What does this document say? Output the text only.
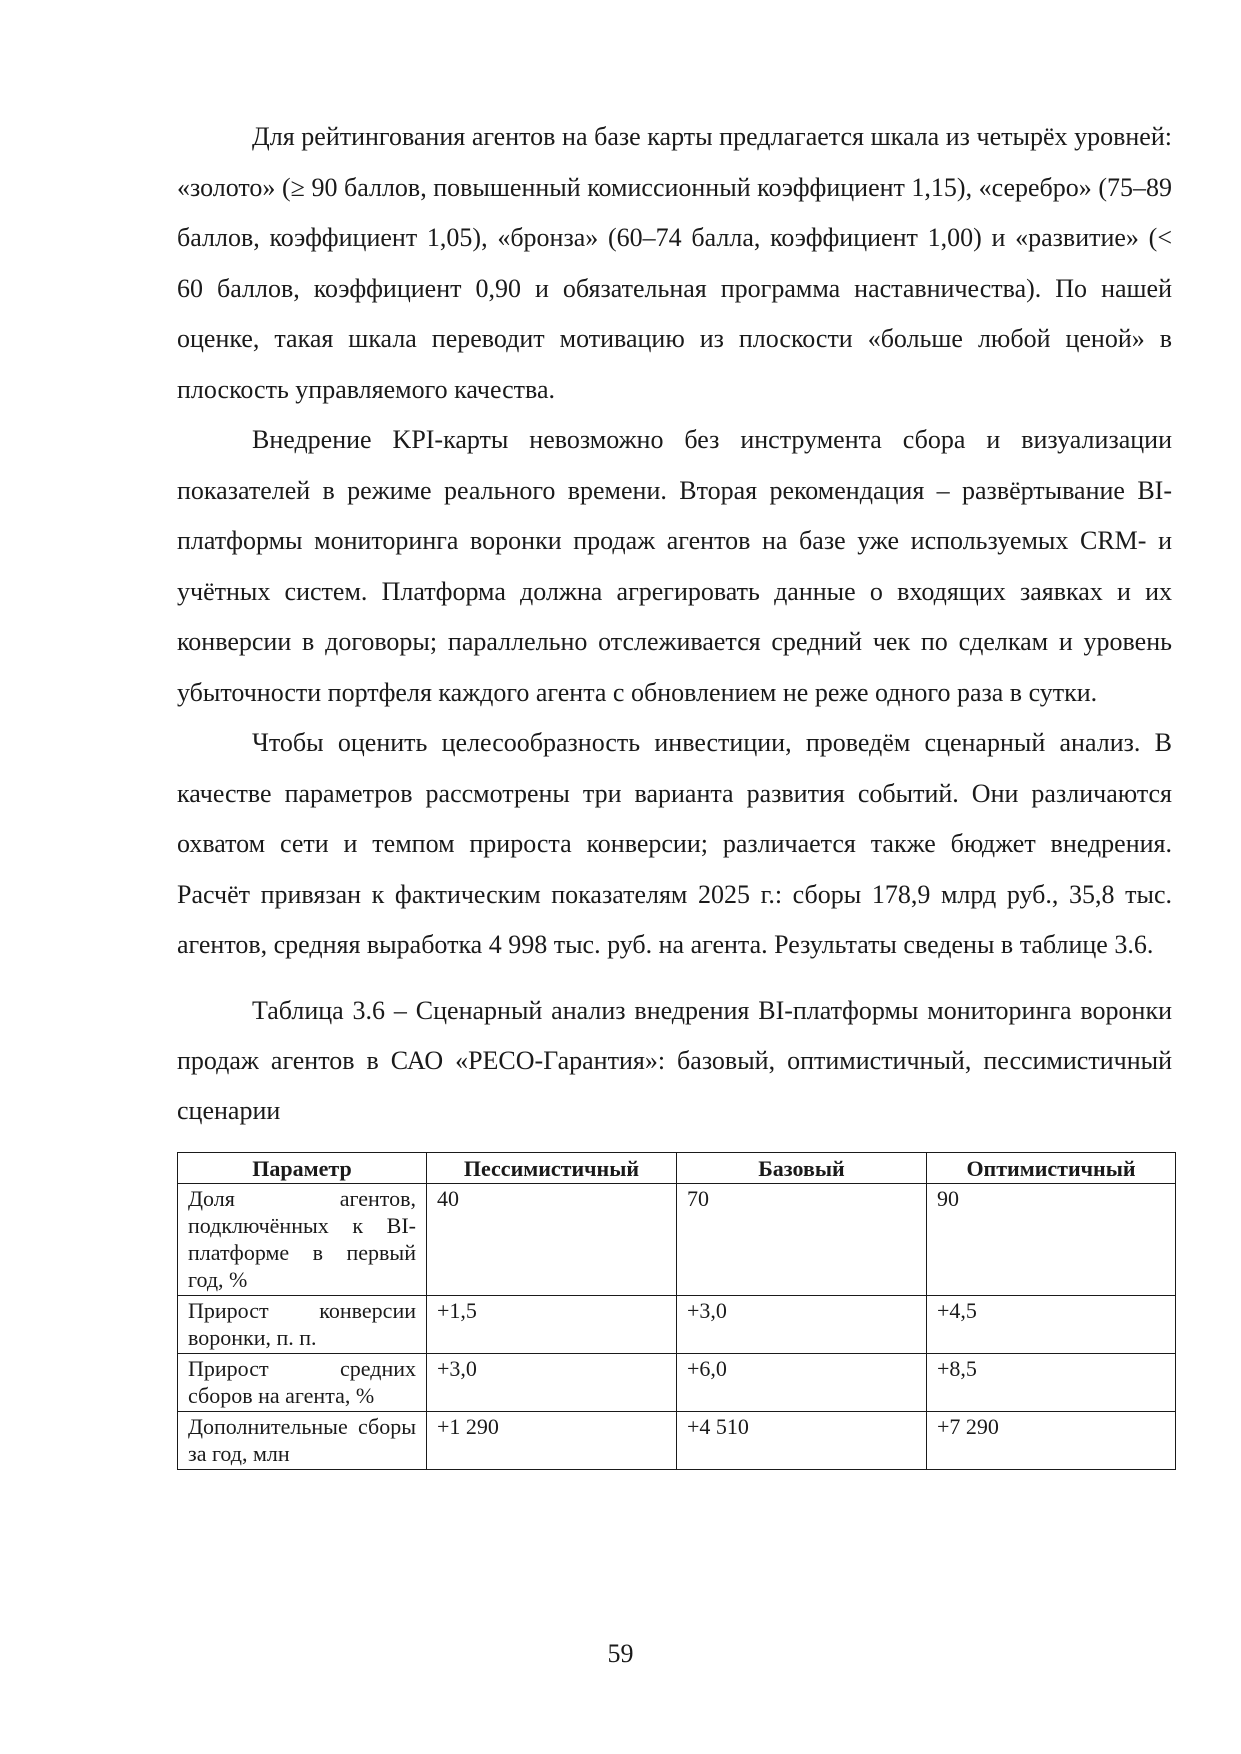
Для рейтингования агентов на базе карты предлагается шкала из четырёх уровней: «золото» (≥ 90 баллов, повышенный комиссионный коэффициент 1,15), «серебро» (75–89 баллов, коэффициент 1,05), «бронза» (60–74 балла, коэффициент 1,00) и «развитие» (< 60 баллов, коэффициент 0,90 и обязательная программа наставничества). По нашей оценке, такая шкала переводит мотивацию из плоскости «больше любой ценой» в плоскость управляемого качества.

Внедрение KPI-карты невозможно без инструмента сбора и визуализации показателей в режиме реального времени. Вторая рекомендация – развёртывание BI-платформы мониторинга воронки продаж агентов на базе уже используемых CRM- и учётных систем. Платформа должна агрегировать данные о входящих заявках и их конверсии в договоры; параллельно отслеживается средний чек по сделкам и уровень убыточности портфеля каждого агента с обновлением не реже одного раза в сутки.

Чтобы оценить целесообразность инвестиции, проведём сценарный анализ. В качестве параметров рассмотрены три варианта развития событий. Они различаются охватом сети и темпом прироста конверсии; различается также бюджет внедрения. Расчёт привязан к фактическим показателям 2025 г.: сборы 178,9 млрд руб., 35,8 тыс. агентов, средняя выработка 4 998 тыс. руб. на агента. Результаты сведены в таблице 3.6.

Таблица 3.6 – Сценарный анализ внедрения BI-платформы мониторинга воронки продаж агентов в САО «РЕСО-Гарантия»: базовый, оптимистичный, пессимистичный сценарии

Параметр	Пессимистичный	Базовый	Оптимистичный
Доля агентов, подключённых к BI-платформе в первый год, %	40	70	90
Прирост конверсии воронки, п. п.	+1,5	+3,0	+4,5
Прирост средних сборов на агента, %	+3,0	+6,0	+8,5
Дополнительные сборы за год, млн	+1 290	+4 510	+7 290
59
